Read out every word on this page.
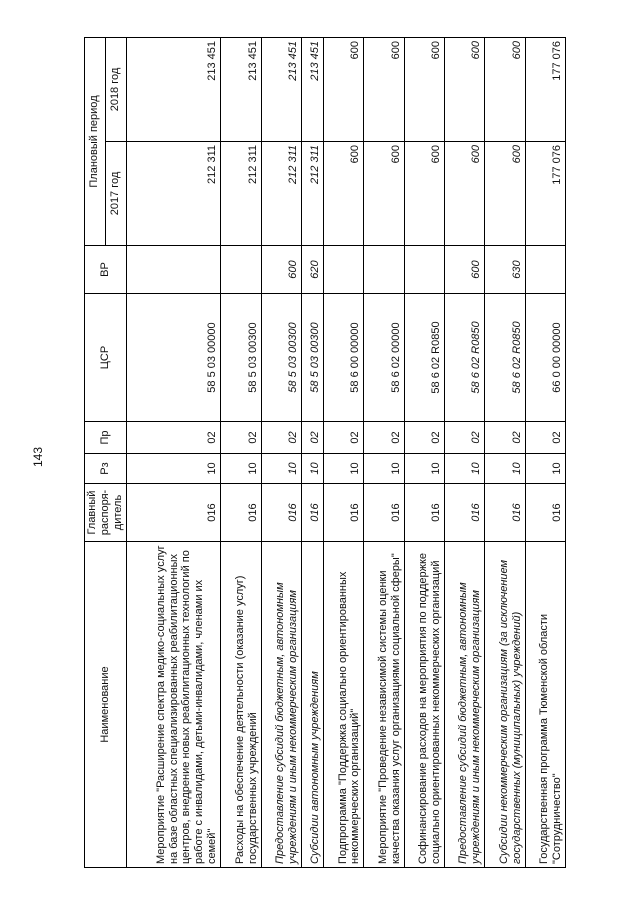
143
Наименование	Главный распоря-дитель	Рз	Пр	ЦСР	ВР	Плановый период	
						2017 год	2018 год
Мероприятие "Расширение спектра медико-социальных услуг на базе областных специализированных реабилитационных центров, внедрение новых реабилитационных технологий по работе с инвалидами, детьми-инвалидами, членами их семей"	016	10	02	58 5 03 00000		212 311	213 451
Расходы на обеспечение деятельности (оказание услуг) государственных учреждений	016	10	02	58 5 03 00300		212 311	213 451
Предоставление субсидий бюджетным, автономным учреждениям и иным некоммерческим организациям	016	10	02	58 5 03 00300	600	212 311	213 451
Субсидии автономным учреждениям	016	10	02	58 5 03 00300	620	212 311	213 451
Подпрограмма "Поддержка социально ориентированных некоммерческих организаций"	016	10	02	58 6 00 00000		600	600
Мероприятие "Проведение независимой системы оценки качества оказания услуг организациями социальной сферы"	016	10	02	58 6 02 00000		600	600
Софинансирование расходов на мероприятия по поддержке социально ориентированных некоммерческих организаций	016	10	02	58 6 02 R0850		600	600
Предоставление субсидий бюджетным, автономным учреждениям и иным некоммерческим организациям	016	10	02	58 6 02 R0850	600	600	600
Субсидии некоммерческим организациям (за исключением государственных (муниципальных) учреждений)	016	10	02	58 6 02 R0850	630	600	600
Государственная программа Тюменской области "Сотрудничество"	016	10	02	66 0 00 00000		177 076	177 076
